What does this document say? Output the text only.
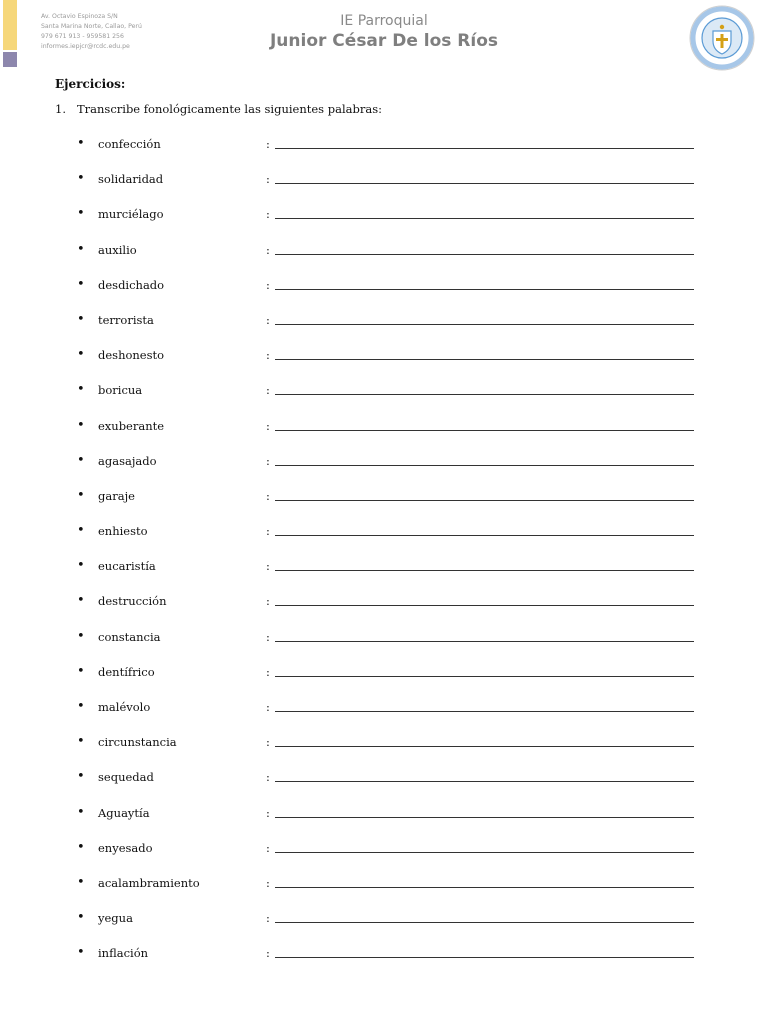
Av. Octavio Espinoza S/N
Santa Marina Norte, Callao, Perú
979 671 913 - 959581 256
informes.iepjcr@rcdc.edu.pe
IE Parroquial
Junior César De los Ríos
Ejercicios:
1. Transcribe fonológicamente las siguientes palabras:
• confección	:
• solidaridad	:
• murciélago	:
• auxilio	:
• desdichado	:
• terrorista	:
• deshonesto	:
• boricua	:
• exuberante	:
• agasajado	:
• garaje	:
• enhiesto	:
• eucaristía	:
• destrucción	:
• constancia	:
• dentífrico	:
• malévolo	:
• circunstancia	:
• sequedad	:
• Aguaytía	:
• enyesado	:
• acalambramiento	:
• yegua	:
• inflación	:
